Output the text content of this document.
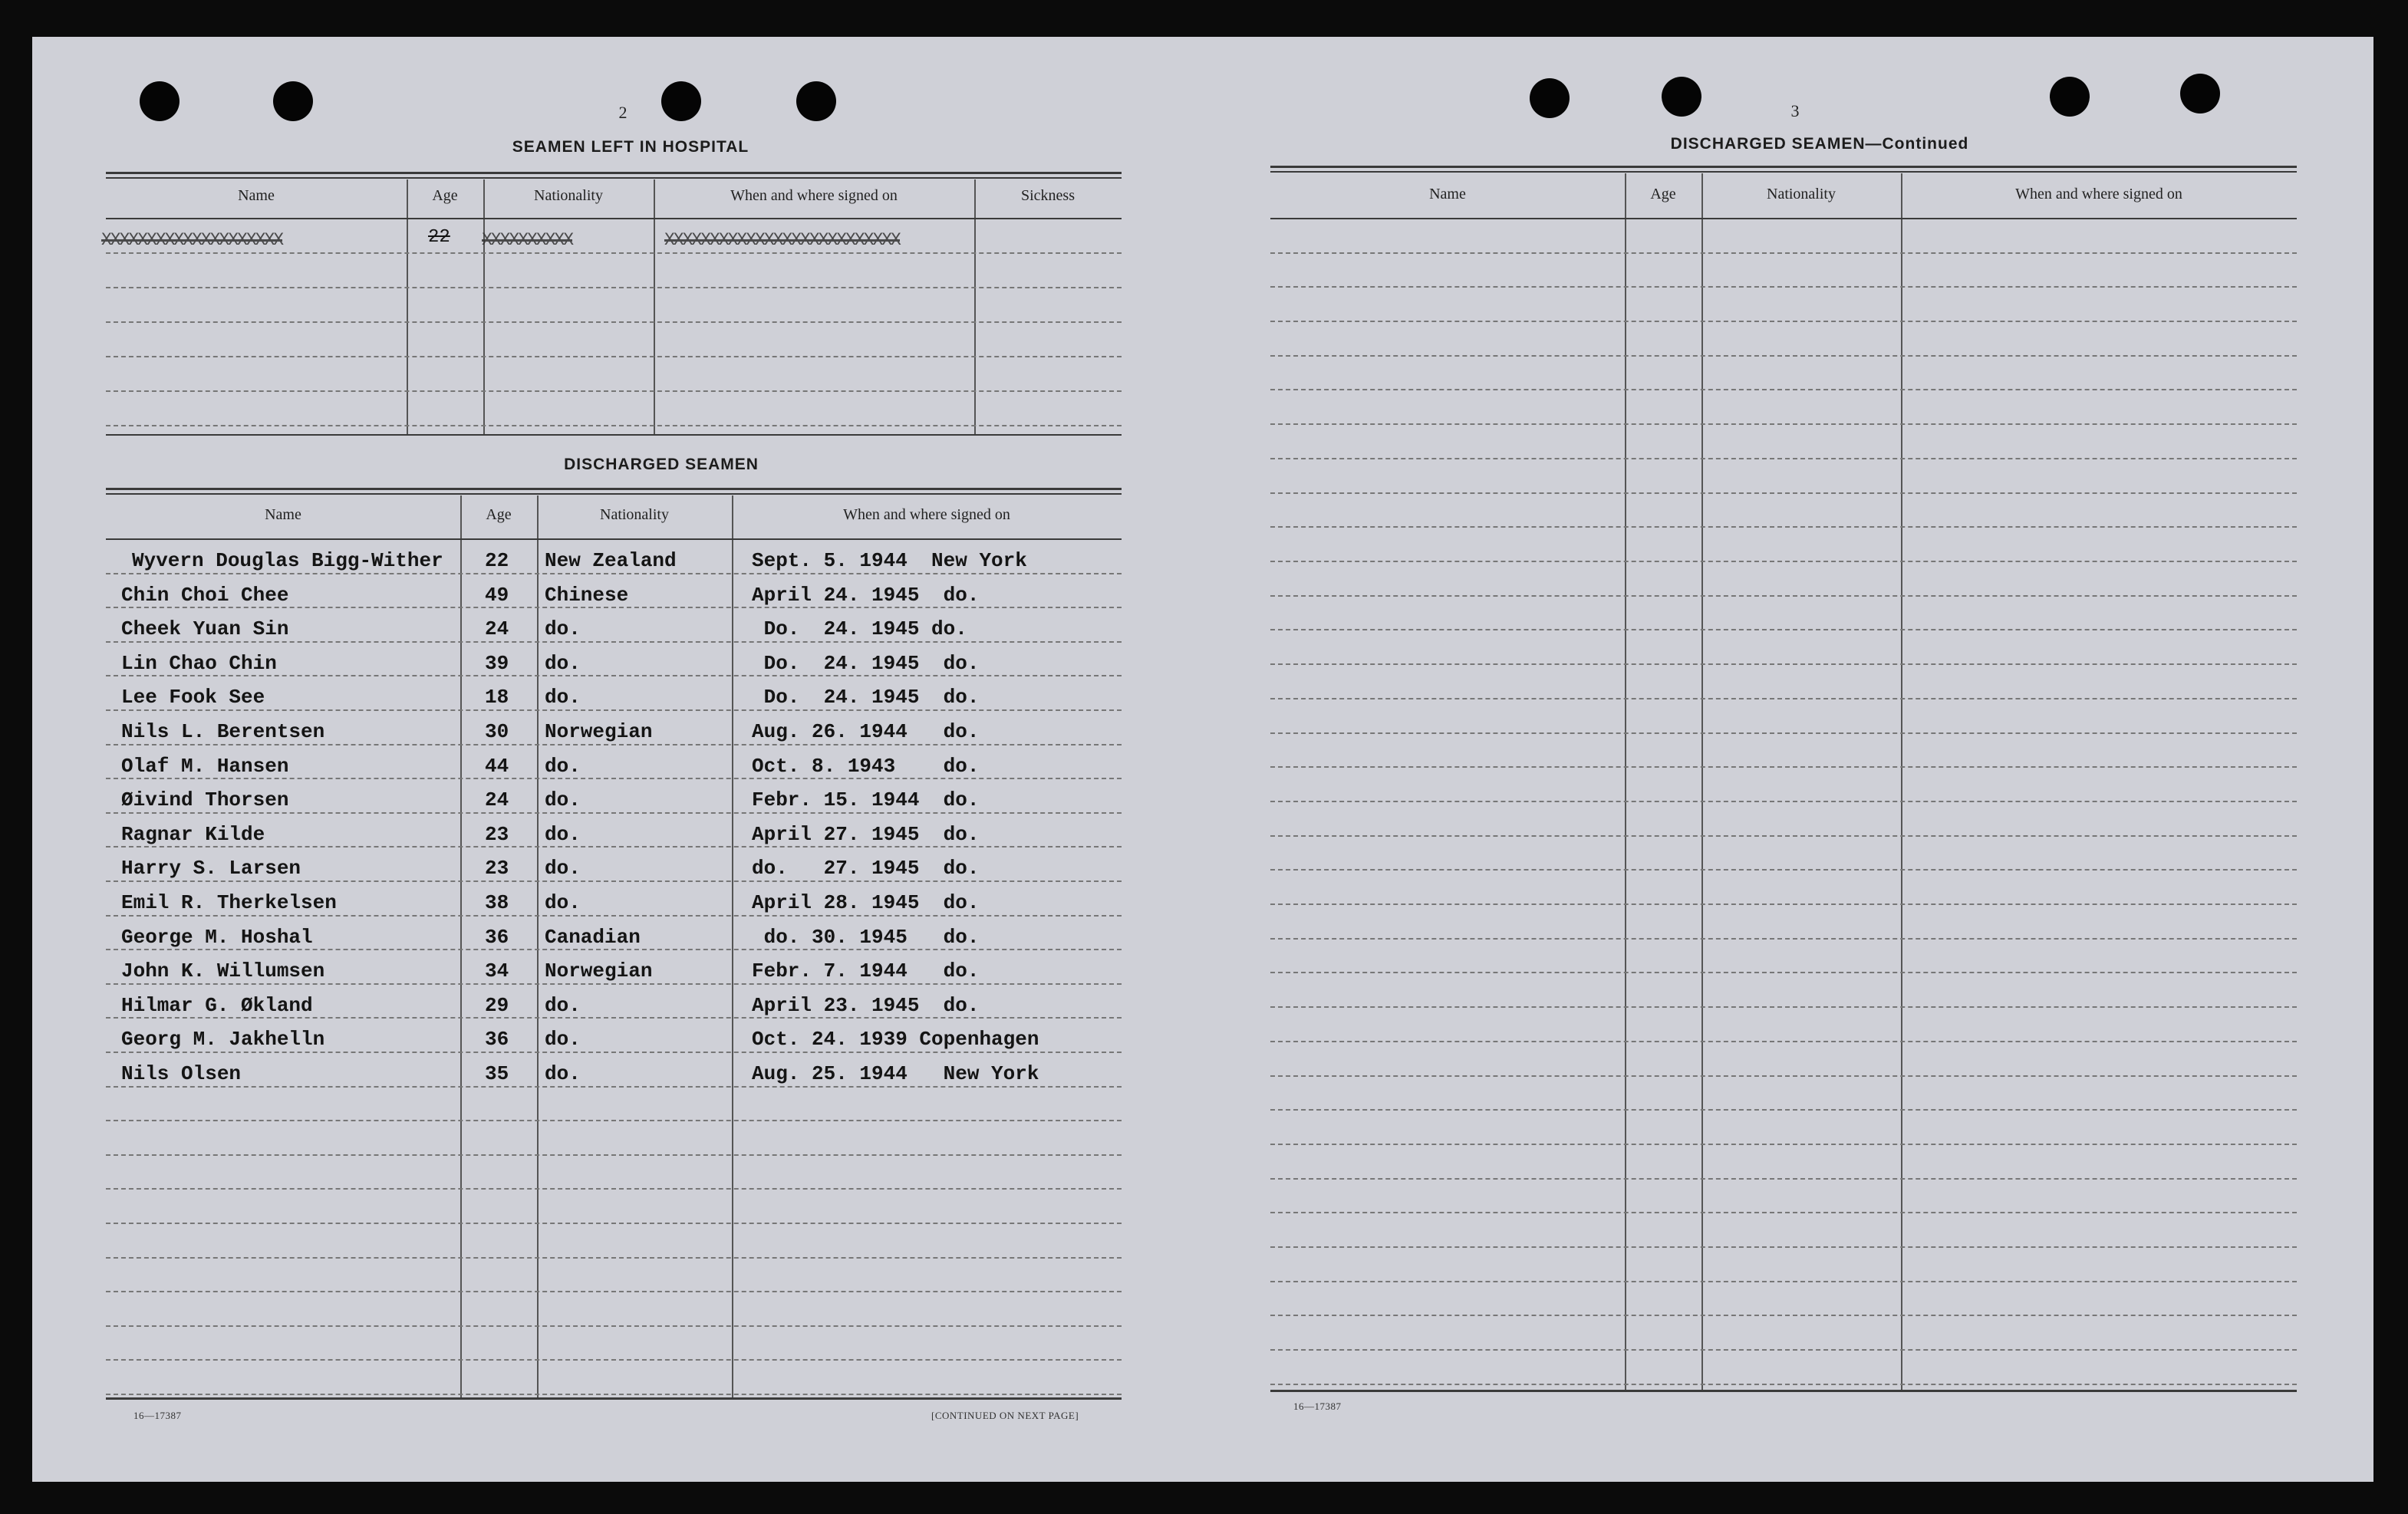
2
SEAMEN LEFT IN HOSPITAL
Name	Age	Nationality	When and where signed on	Sickness
XXXXXXXXXXXXXXXXXXXX	22 XXXXXXXXXX	XXXXXXXXXXXXXXXXXXXXXXXXXX
DISCHARGED SEAMEN
Name	Age	Nationality	When and where signed on
Wyvern Douglas Bigg-Wither 22 New Zealand	Sept. 5. 1944  New York
Chin Choi Chee	49 Chinese	April 24. 1945  do.
Cheek Yuan Sin	24 do.	Do.  24. 1945 do.
Lin Chao Chin	39 do.	Do.  24. 1945  do.
Lee Fook See	18 do.	Do.  24. 1945  do.
Nils L. Berentsen	30 Norwegian	Aug. 26. 1944   do.
Olaf M. Hansen	44 do.	Oct. 8. 1943    do.
Øivind Thorsen	24 do.	Febr. 15. 1944  do.
Ragnar Kilde	23 do.	April 27. 1945  do.
Harry S. Larsen	23 do.	do.   27. 1945  do.
Emil R. Therkelsen	38 do.	April 28. 1945  do.
George M. Hoshal	36 Canadian	do. 30. 1945   do.
John K. Willumsen	34 Norwegian	Febr. 7. 1944   do.
Hilmar G. Økland	29 do.	April 23. 1945  do.
Georg M. Jakhelln	36 do.	Oct. 24. 1939 Copenhagen
Nils Olsen	35 do.	Aug. 25. 1944   New York
16—17387	[CONTINUED ON NEXT PAGE]
3
DISCHARGED SEAMEN—Continued
Name	Age	Nationality	When and where signed on
16—17387
